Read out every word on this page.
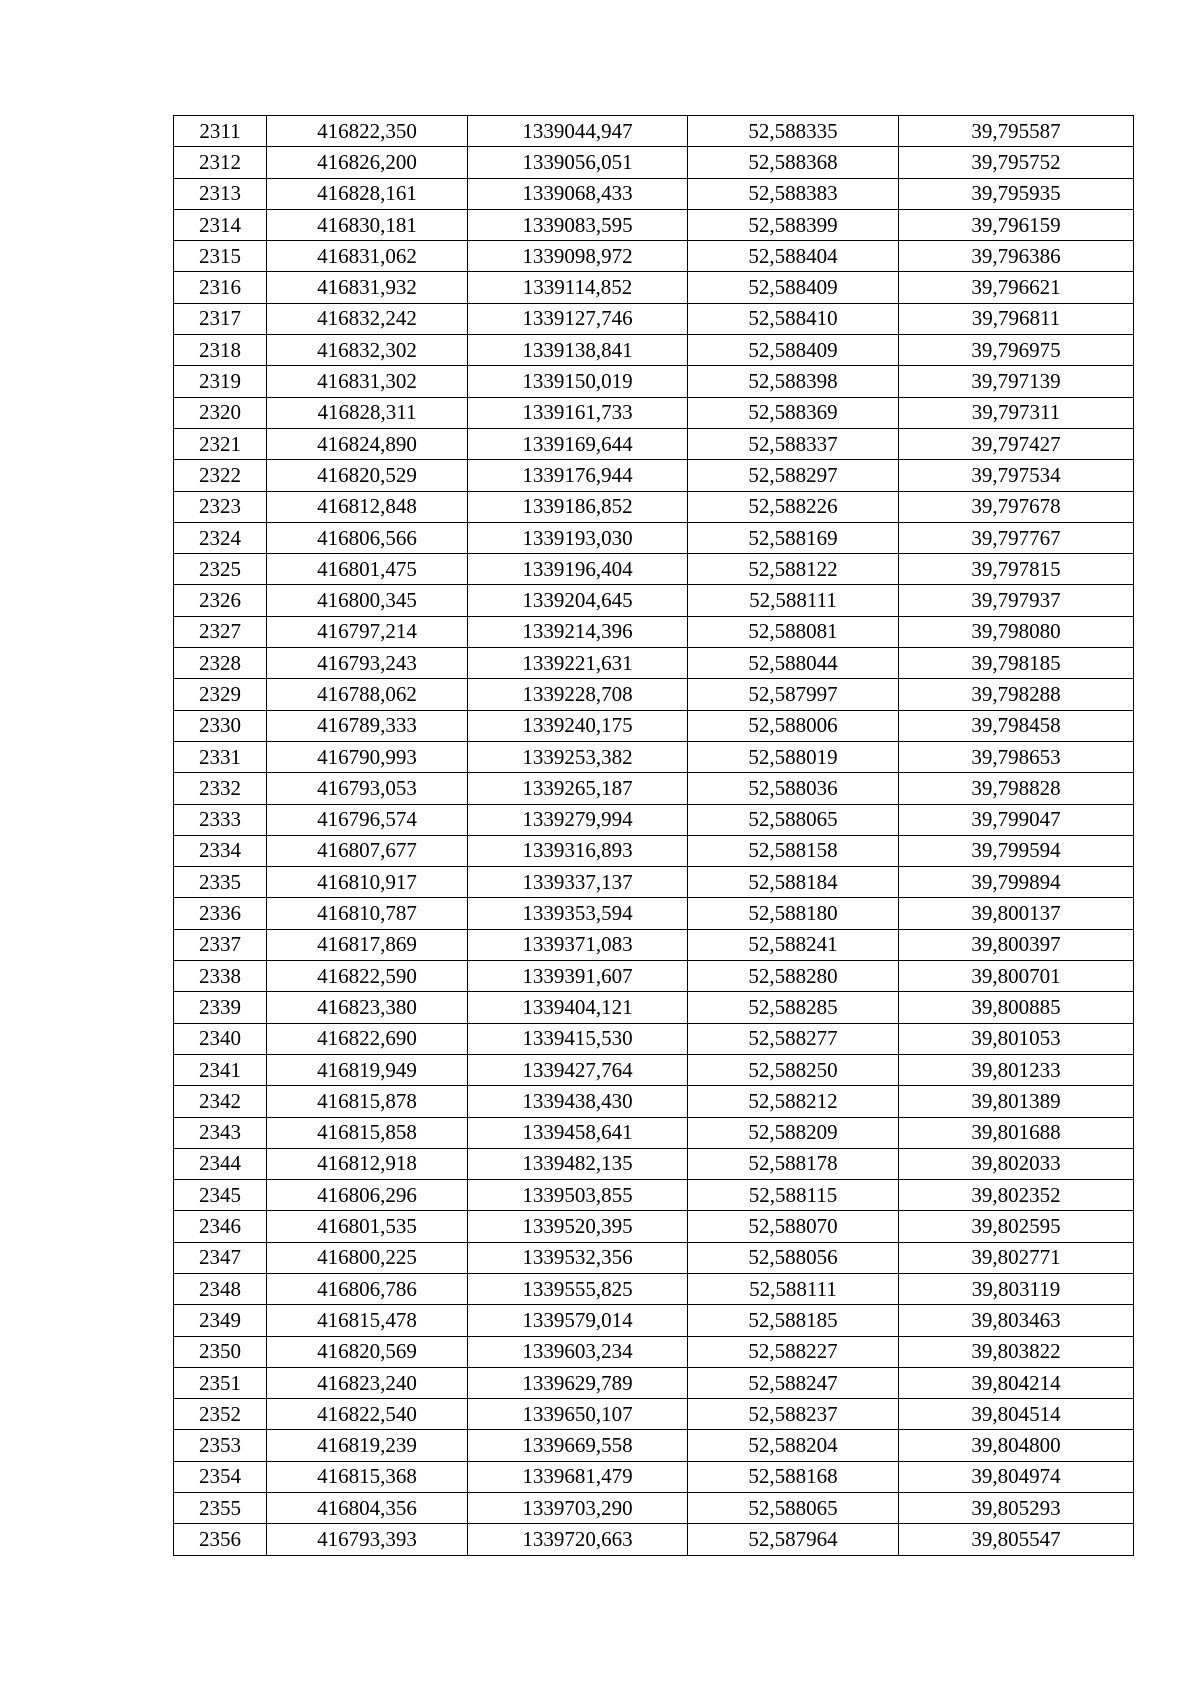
2311	416822,350	1339044,947	52,588335	39,795587
2312	416826,200	1339056,051	52,588368	39,795752
2313	416828,161	1339068,433	52,588383	39,795935
2314	416830,181	1339083,595	52,588399	39,796159
2315	416831,062	1339098,972	52,588404	39,796386
2316	416831,932	1339114,852	52,588409	39,796621
2317	416832,242	1339127,746	52,588410	39,796811
2318	416832,302	1339138,841	52,588409	39,796975
2319	416831,302	1339150,019	52,588398	39,797139
2320	416828,311	1339161,733	52,588369	39,797311
2321	416824,890	1339169,644	52,588337	39,797427
2322	416820,529	1339176,944	52,588297	39,797534
2323	416812,848	1339186,852	52,588226	39,797678
2324	416806,566	1339193,030	52,588169	39,797767
2325	416801,475	1339196,404	52,588122	39,797815
2326	416800,345	1339204,645	52,588111	39,797937
2327	416797,214	1339214,396	52,588081	39,798080
2328	416793,243	1339221,631	52,588044	39,798185
2329	416788,062	1339228,708	52,587997	39,798288
2330	416789,333	1339240,175	52,588006	39,798458
2331	416790,993	1339253,382	52,588019	39,798653
2332	416793,053	1339265,187	52,588036	39,798828
2333	416796,574	1339279,994	52,588065	39,799047
2334	416807,677	1339316,893	52,588158	39,799594
2335	416810,917	1339337,137	52,588184	39,799894
2336	416810,787	1339353,594	52,588180	39,800137
2337	416817,869	1339371,083	52,588241	39,800397
2338	416822,590	1339391,607	52,588280	39,800701
2339	416823,380	1339404,121	52,588285	39,800885
2340	416822,690	1339415,530	52,588277	39,801053
2341	416819,949	1339427,764	52,588250	39,801233
2342	416815,878	1339438,430	52,588212	39,801389
2343	416815,858	1339458,641	52,588209	39,801688
2344	416812,918	1339482,135	52,588178	39,802033
2345	416806,296	1339503,855	52,588115	39,802352
2346	416801,535	1339520,395	52,588070	39,802595
2347	416800,225	1339532,356	52,588056	39,802771
2348	416806,786	1339555,825	52,588111	39,803119
2349	416815,478	1339579,014	52,588185	39,803463
2350	416820,569	1339603,234	52,588227	39,803822
2351	416823,240	1339629,789	52,588247	39,804214
2352	416822,540	1339650,107	52,588237	39,804514
2353	416819,239	1339669,558	52,588204	39,804800
2354	416815,368	1339681,479	52,588168	39,804974
2355	416804,356	1339703,290	52,588065	39,805293
2356	416793,393	1339720,663	52,587964	39,805547
